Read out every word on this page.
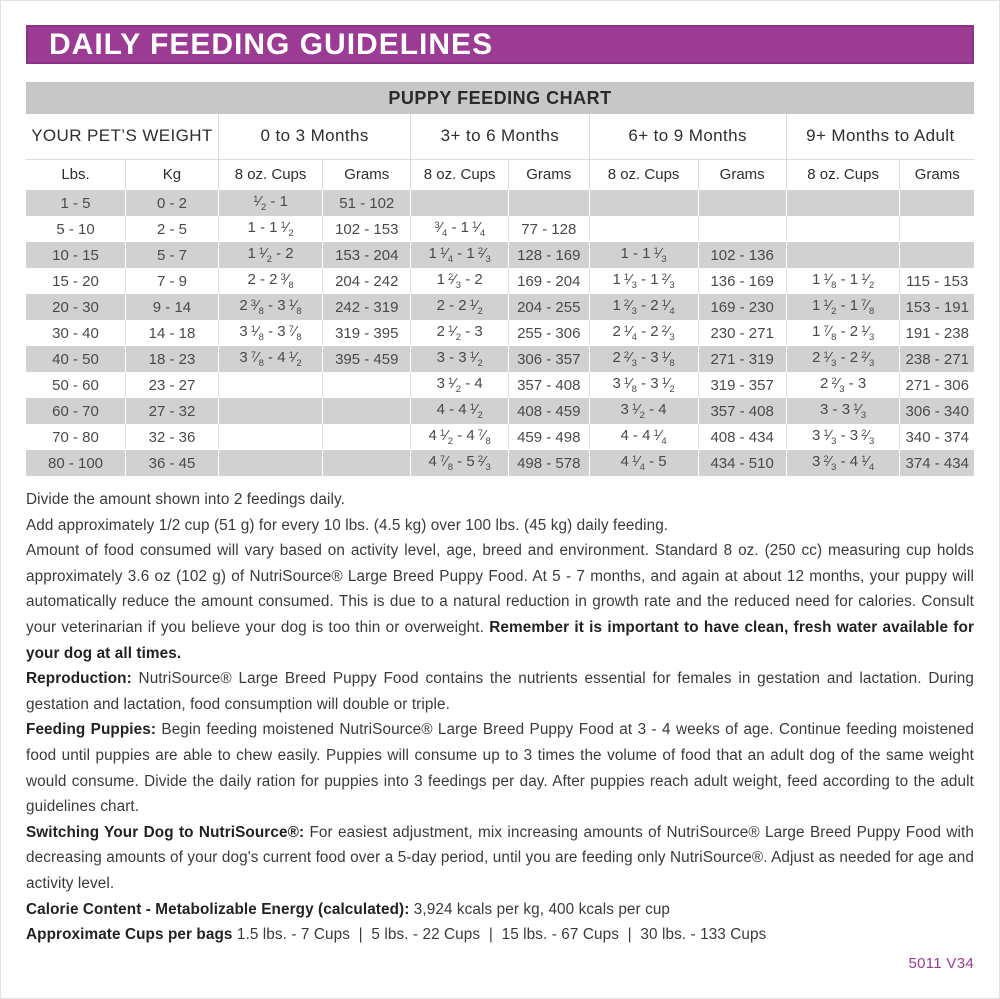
DAILY FEEDING GUIDELINES
PUPPY FEEDING CHART
YOUR PET’S WEIGHT		0 to 3 Months		3+ to 6 Months		6+ to 9 Months		9+ Months to Adult	
Lbs.	Kg	8 oz. Cups	Grams	8 oz. Cups	Grams	8 oz. Cups	Grams	8 oz. Cups	Grams
1 - 5	0 - 2	$^1⁄_2 - 1$	51 - 102						
5 - 10	2 - 5	1 - 1 $^1⁄_2$	102 - 153	$^3⁄_4 - 1$ $^1⁄_4$	77 - 128				
10 - 15	5 - 7	1 $^1⁄_2 - 2$	153 - 204	1 $^1⁄_4 - 1$ $^2⁄_3$	128 - 169	1 - 1 $^1⁄_3$	102 - 136		
15 - 20	7 - 9	2 - 2 $^3⁄_8$	204 - 242	1 $^2⁄_3 - 2$	169 - 204	1 $^1⁄_3 - 1$ $^2⁄_3$	136 - 169	1 $^1⁄_8 - 1$ $^1⁄_2$	115 - 153
20 - 30	9 - 14	2 $^3⁄_8 - 3$ $^1⁄_8$	242 - 319	2 - 2 $^1⁄_2$	204 - 255	1 $^2⁄_3 - 2$ $^1⁄_4$	169 - 230	1 $^1⁄_2 - 1$ $^7⁄_8$	153 - 191
30 - 40	14 - 18	3 $^1⁄_8 - 3$ $^7⁄_8$	319 - 395	2 $^1⁄_2 - 3$	255 - 306	2 $^1⁄_4 - 2$ $^2⁄_3$	230 - 271	1 $^7⁄_8 - 2$ $^1⁄_3$	191 - 238
40 - 50	18 - 23	3 $^7⁄_8 - 4$ $^1⁄_2$	395 - 459	3 - 3 $^1⁄_2$	306 - 357	2 $^2⁄_3 - 3$ $^1⁄_8$	271 - 319	2 $^1⁄_3 - 2$ $^2⁄_3$	238 - 271
50 - 60	23 - 27			3 $^1⁄_2 - 4$	357 - 408	3 $^1⁄_8 - 3$ $^1⁄_2$	319 - 357	2 $^2⁄_3 - 3$	271 - 306
60 - 70	27 - 32			4 - 4 $^1⁄_2$	408 - 459	3 $^1⁄_2 - 4$	357 - 408	3 - 3 $^1⁄_3$	306 - 340
70 - 80	32 - 36			4 $^1⁄_2 - 4$ $^7⁄_8$	459 - 498	4 - 4 $^1⁄_4$	408 - 434	3 $^1⁄_3 - 3$ $^2⁄_3$	340 - 374
80 - 100	36 - 45			4 $^7⁄_8 - 5$ $^2⁄_3$	498 - 578	4 $^1⁄_4 - 5$	434 - 510	3 $^2⁄_3 - 4$ $^1⁄_4$	374 - 434

Divide the amount shown into 2 feedings daily.

Add approximately 1/2 cup (51 g) for every 10 lbs. (4.5 kg) over 100 lbs. (45 kg) daily feeding.

Amount of food consumed will vary based on activity level, age, breed and environment. Standard 8 oz. (250 cc) measuring cup holds approximately 3.6 oz (102 g) of NutriSource® Large Breed Puppy Food. At 5 - 7 months, and again at about 12 months, your puppy will automatically reduce the amount consumed. This is due to a natural reduction in growth rate and the reduced need for calories. Consult your veterinarian if you believe your dog is too thin or overweight. Remember it is important to have clean, fresh water available for your dog at all times.

Reproduction: NutriSource® Large Breed Puppy Food contains the nutrients essential for females in gestation and lactation. During gestation and lactation, food consumption will double or triple.

Feeding Puppies: Begin feeding moistened NutriSource® Large Breed Puppy Food at 3 - 4 weeks of age. Continue feeding moistened food until puppies are able to chew easily. Puppies will consume up to 3 times the volume of food that an adult dog of the same weight would consume. Divide the daily ration for puppies into 3 feedings per day. After puppies reach adult weight, feed according to the adult guidelines chart.

Switching Your Dog to NutriSource®: For easiest adjustment, mix increasing amounts of NutriSource® Large Breed Puppy Food with decreasing amounts of your dog's current food over a 5-day period, until you are feeding only NutriSource®. Adjust as needed for age and activity level.

Calorie Content - Metabolizable Energy (calculated): 3,924 kcals per kg, 400 kcals per cup

Approximate Cups per bags 1.5 lbs. - 7 Cups  |  5 lbs. - 22 Cups  |  15 lbs. - 67 Cups  |  30 lbs. - 133 Cups

5011 V34
